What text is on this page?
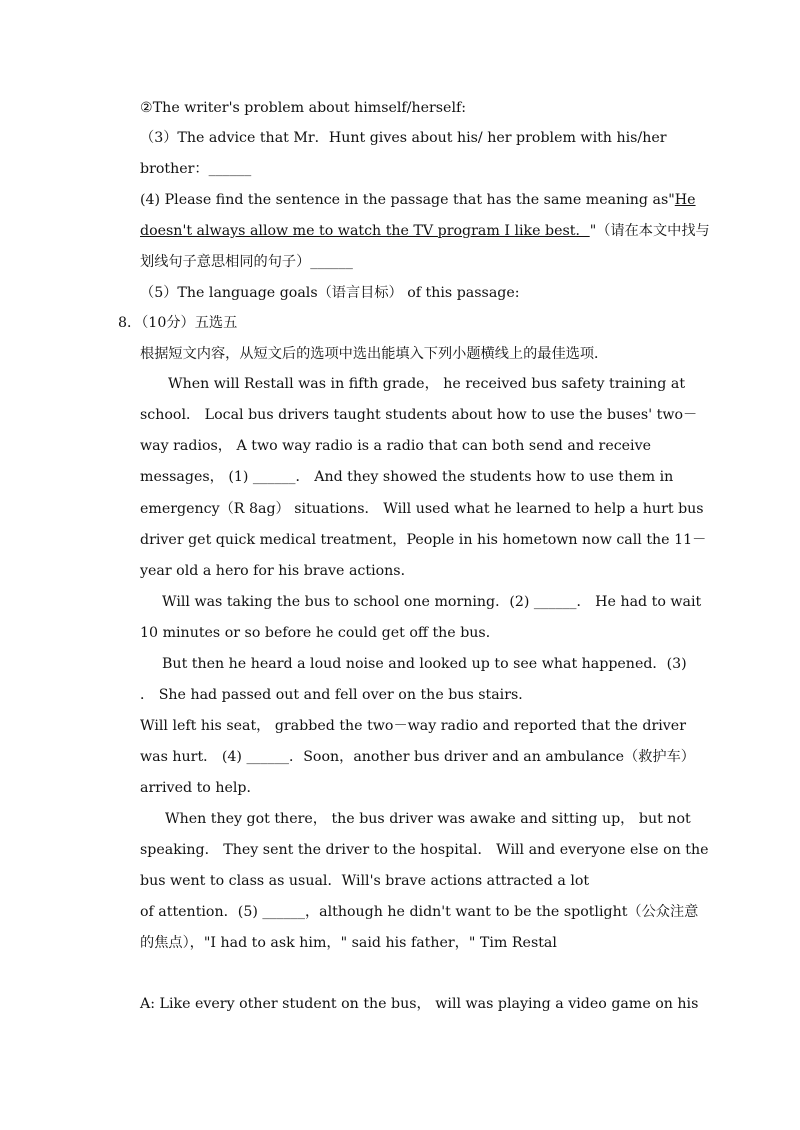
②The writer's problem about himself/herself:
（3）The advice that Mr．Hunt gives about his/ her problem with his/her
brother：______
(4) Please find the sentence in the passage that has the same meaning as"He
doesn't always allow me to watch the TV program I like best．"（请在本文中找与
划线句子意思相同的句子）______
（5）The language goals（语言目标） of this passage:
8．（10分）五选五
根据短文内容，从短文后的选项中选出能填入下列小题横线上的最佳选项．
When will Restall was in fifth grade， he received bus safety training at
school． Local bus drivers taught students about how to use the buses' two－
way radios， A two way radio is a radio that can both send and receive
messages， (1) ______． And they showed the students how to use them in
emergency（R 8ag） situations． Will used what he learned to help a hurt bus
driver get quick medical treatment，People in his hometown now call the 11－
year old a hero for his brave actions．
Will was taking the bus to school one morning．(2) ______． He had to wait
10 minutes or so before he could get off the bus．
But then he heard a loud noise and looked up to see what happened．(3)
． She had passed out and fell over on the bus stairs．
Will left his seat， grabbed the two－way radio and reported that the driver
was hurt． (4) ______．Soon，another bus driver and an ambulance（救护车）
arrived to help．
When they got there， the bus driver was awake and sitting up， but not
speaking． They sent the driver to the hospital． Will and everyone else on the
bus went to class as usual．Will's brave actions attracted a lot
of attention．(5) ______，although he didn't want to be the spotlight（公众注意
的焦点），"I had to ask him，" said his father，" Tim Restal
A: Like every other student on the bus， will was playing a video game on his
